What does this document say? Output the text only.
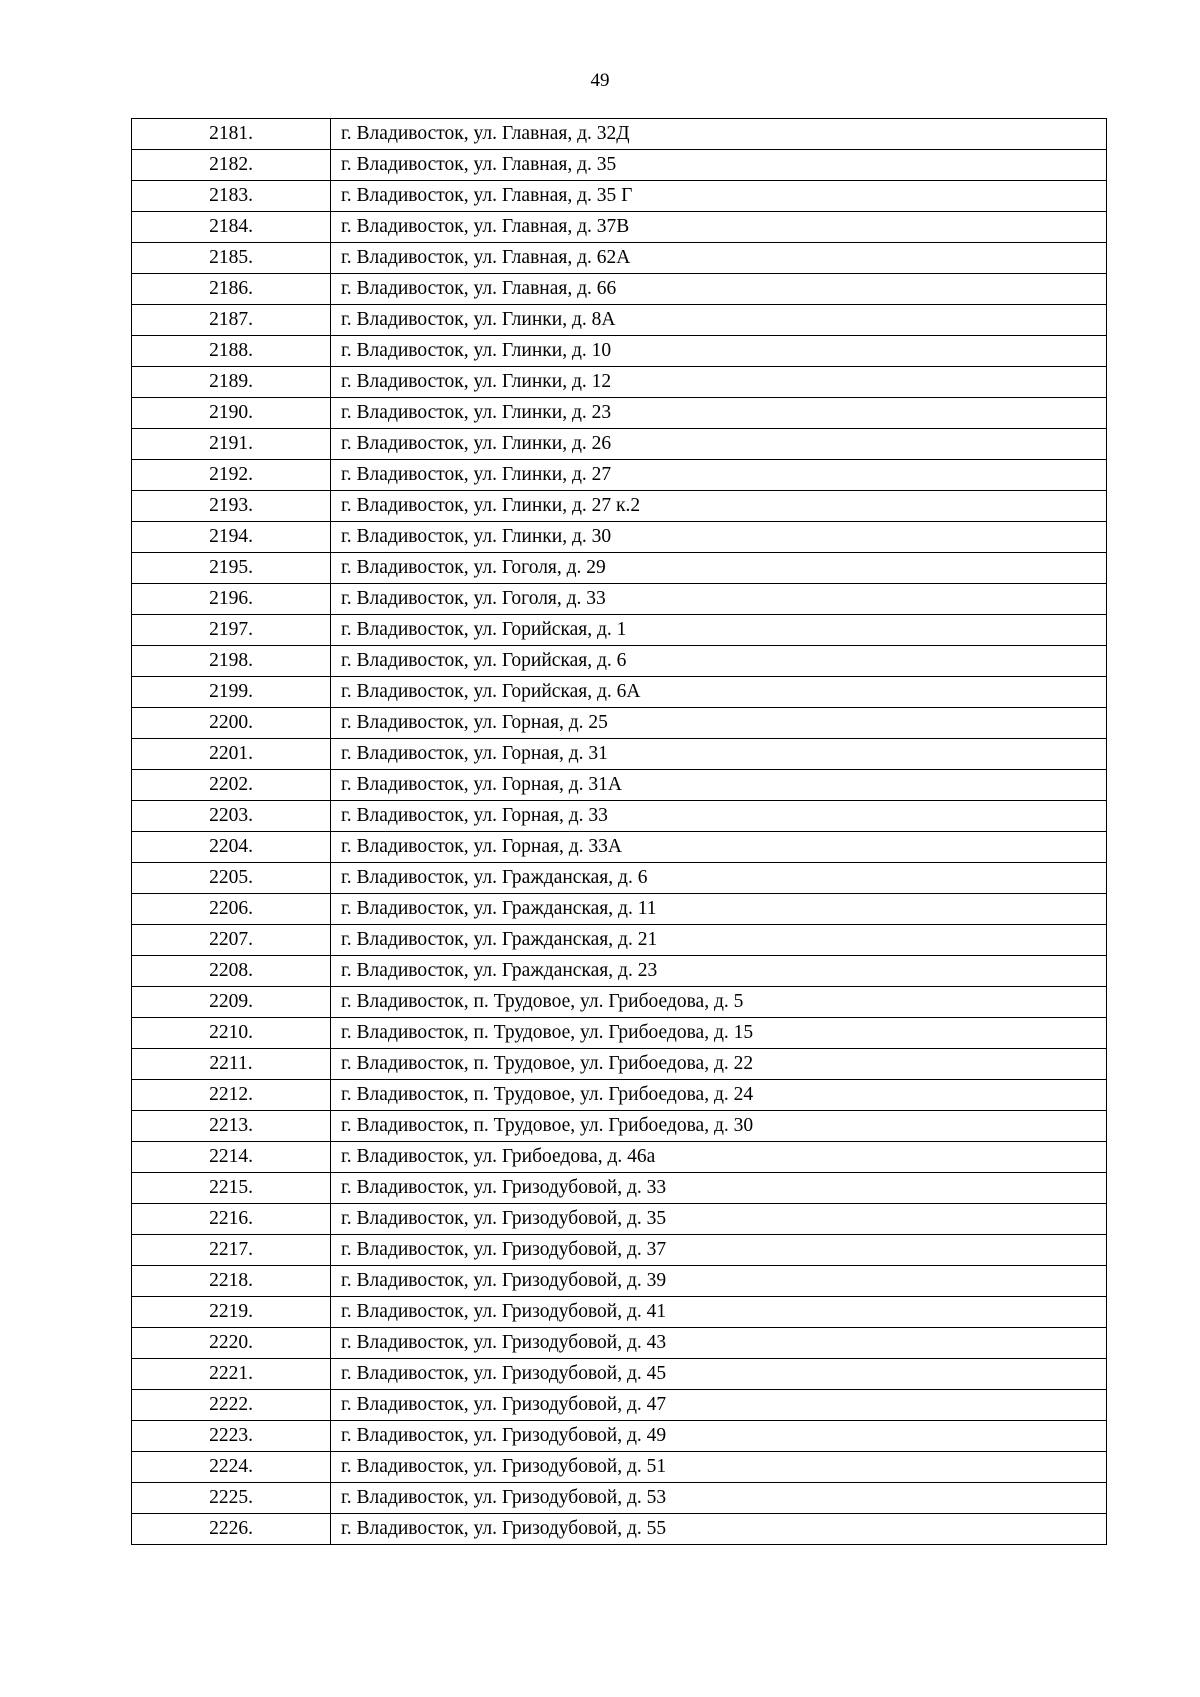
49
2181.	г. Владивосток, ул. Главная, д. 32Д
2182.	г. Владивосток, ул. Главная, д. 35
2183.	г. Владивосток, ул. Главная, д. 35 Г
2184.	г. Владивосток, ул. Главная, д. 37В
2185.	г. Владивосток, ул. Главная, д. 62А
2186.	г. Владивосток, ул. Главная, д. 66
2187.	г. Владивосток, ул. Глинки, д. 8А
2188.	г. Владивосток, ул. Глинки, д. 10
2189.	г. Владивосток, ул. Глинки, д. 12
2190.	г. Владивосток, ул. Глинки, д. 23
2191.	г. Владивосток, ул. Глинки, д. 26
2192.	г. Владивосток, ул. Глинки, д. 27
2193.	г. Владивосток, ул. Глинки, д. 27 к.2
2194.	г. Владивосток, ул. Глинки, д. 30
2195.	г. Владивосток, ул. Гоголя, д. 29
2196.	г. Владивосток, ул. Гоголя, д. 33
2197.	г. Владивосток, ул. Горийская, д. 1
2198.	г. Владивосток, ул. Горийская, д. 6
2199.	г. Владивосток, ул. Горийская, д. 6А
2200.	г. Владивосток, ул. Горная, д. 25
2201.	г. Владивосток, ул. Горная, д. 31
2202.	г. Владивосток, ул. Горная, д. 31А
2203.	г. Владивосток, ул. Горная, д. 33
2204.	г. Владивосток, ул. Горная, д. 33А
2205.	г. Владивосток, ул. Гражданская, д. 6
2206.	г. Владивосток, ул. Гражданская, д. 11
2207.	г. Владивосток, ул. Гражданская, д. 21
2208.	г. Владивосток, ул. Гражданская, д. 23
2209.	г. Владивосток, п. Трудовое, ул. Грибоедова, д. 5
2210.	г. Владивосток, п. Трудовое, ул. Грибоедова, д. 15
2211.	г. Владивосток, п. Трудовое, ул. Грибоедова, д. 22
2212.	г. Владивосток, п. Трудовое, ул. Грибоедова, д. 24
2213.	г. Владивосток, п. Трудовое, ул. Грибоедова, д. 30
2214.	г. Владивосток, ул. Грибоедова, д. 46а
2215.	г. Владивосток, ул. Гризодубовой, д. 33
2216.	г. Владивосток, ул. Гризодубовой, д. 35
2217.	г. Владивосток, ул. Гризодубовой, д. 37
2218.	г. Владивосток, ул. Гризодубовой, д. 39
2219.	г. Владивосток, ул. Гризодубовой, д. 41
2220.	г. Владивосток, ул. Гризодубовой, д. 43
2221.	г. Владивосток, ул. Гризодубовой, д. 45
2222.	г. Владивосток, ул. Гризодубовой, д. 47
2223.	г. Владивосток, ул. Гризодубовой, д. 49
2224.	г. Владивосток, ул. Гризодубовой, д. 51
2225.	г. Владивосток, ул. Гризодубовой, д. 53
2226.	г. Владивосток, ул. Гризодубовой, д. 55
